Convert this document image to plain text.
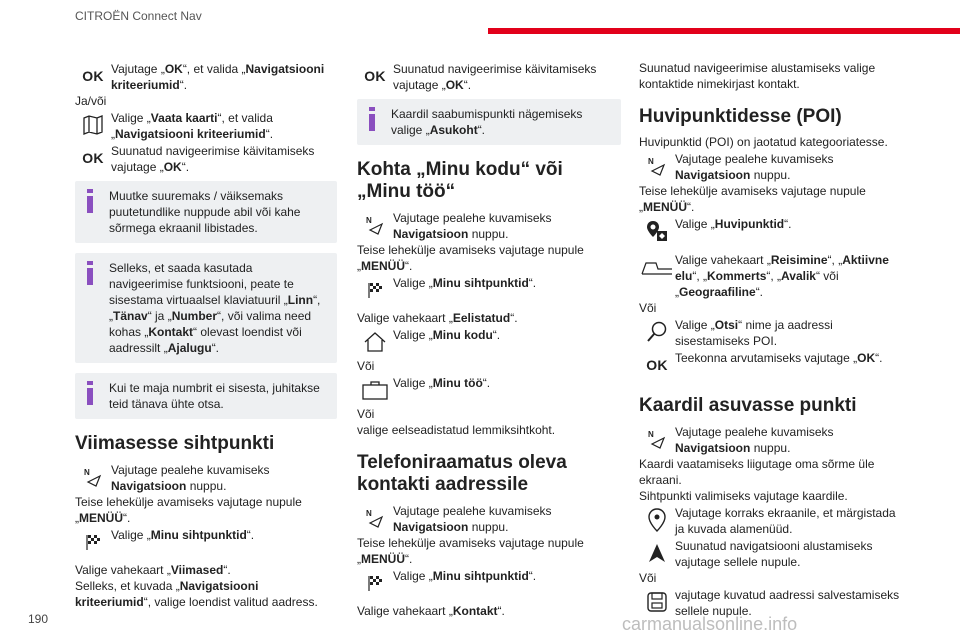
CITROËN Connect Nav
OK Vajutage „OK“, et valida „Navigatsiooni kriteeriumid“.

Ja/või

Valige „Vaata kaarti“, et valida „Navigatsiooni kriteeriumid“.
OK Suunatud navigeerimise käivitamiseks vajutage „OK“.
Muutke suuremaks / väiksemaks puutetundlike nuppude abil või kahe sõrmega ekraanil libistades.
Selleks, et saada kasutada navigeerimise funktsiooni, peate te sisestama virtuaalsel klaviatuuril „Linn“, „Tänav“ ja „Number“, või valima need kohas „Kontakt“ olevast loendist või aadressilt „Ajalugu“.
Kui te maja numbrit ei sisesta, juhitakse teid tänava ühte otsa.
Viimasesse sihtpunkti
N Vajutage pealehe kuvamiseks Navigatsioon nuppu.

Teise lehekülje avamiseks vajutage nupule „MENÜÜ“.

Valige „Minu sihtpunktid“.

Valige vahekaart „Viimased“.

Selleks, et kuvada „Navigatsiooni kriteeriumid“, valige loendist valitud aadress.

OK Suunatud navigeerimise käivitamiseks vajutage „OK“.
Kaardil saabumispunkti nägemiseks valige „Asukoht“.
Kohta „Minu kodu“ või „Minu töö“
N Vajutage pealehe kuvamiseks Navigatsioon nuppu.

Teise lehekülje avamiseks vajutage nupule „MENÜÜ“.

Valige „Minu sihtpunktid“.

Valige vahekaart „Eelistatud“.

Valige „Minu kodu“.

Või

Valige „Minu töö“.

Või

valige eelseadistatud lemmiksihtkoht.

Telefoniraamatus oleva kontakti aadressile
N Vajutage pealehe kuvamiseks Navigatsioon nuppu.

Teise lehekülje avamiseks vajutage nupule „MENÜÜ“.

Valige „Minu sihtpunktid“.

Valige vahekaart „Kontakt“.

Suunatud navigeerimise alustamiseks valige kontaktide nimekirjast kontakt.

Huvipunktidesse (POI)

Huvipunktid (POI) on jaotatud kategooriatesse.

N Vajutage pealehe kuvamiseks Navigatsioon nuppu.

Teise lehekülje avamiseks vajutage nupule „MENÜÜ“.

Valige „Huvipunktid“.
Valige vahekaart „Reisimine“, „Aktiivne elu“, „Kommerts“, „Avalik“ või „Geograafiline“.

Või

Valige „Otsi“ nime ja aadressi sisestamiseks POI.
OK Teekonna arvutamiseks vajutage „OK“.
Kaardil asuvasse punkti
N Vajutage pealehe kuvamiseks Navigatsioon nuppu.

Kaardi vaatamiseks liigutage oma sõrme üle ekraani.

Sihtpunkti valimiseks vajutage kaardile.

Vajutage korraks ekraanile, et märgistada ja kuvada alamenüüd.
Suunatud navigatsiooni alustamiseks vajutage sellele nupule.

Või

vajutage kuvatud aadressi salvestamiseks sellele nupule.
190	carmanualsonline.info
